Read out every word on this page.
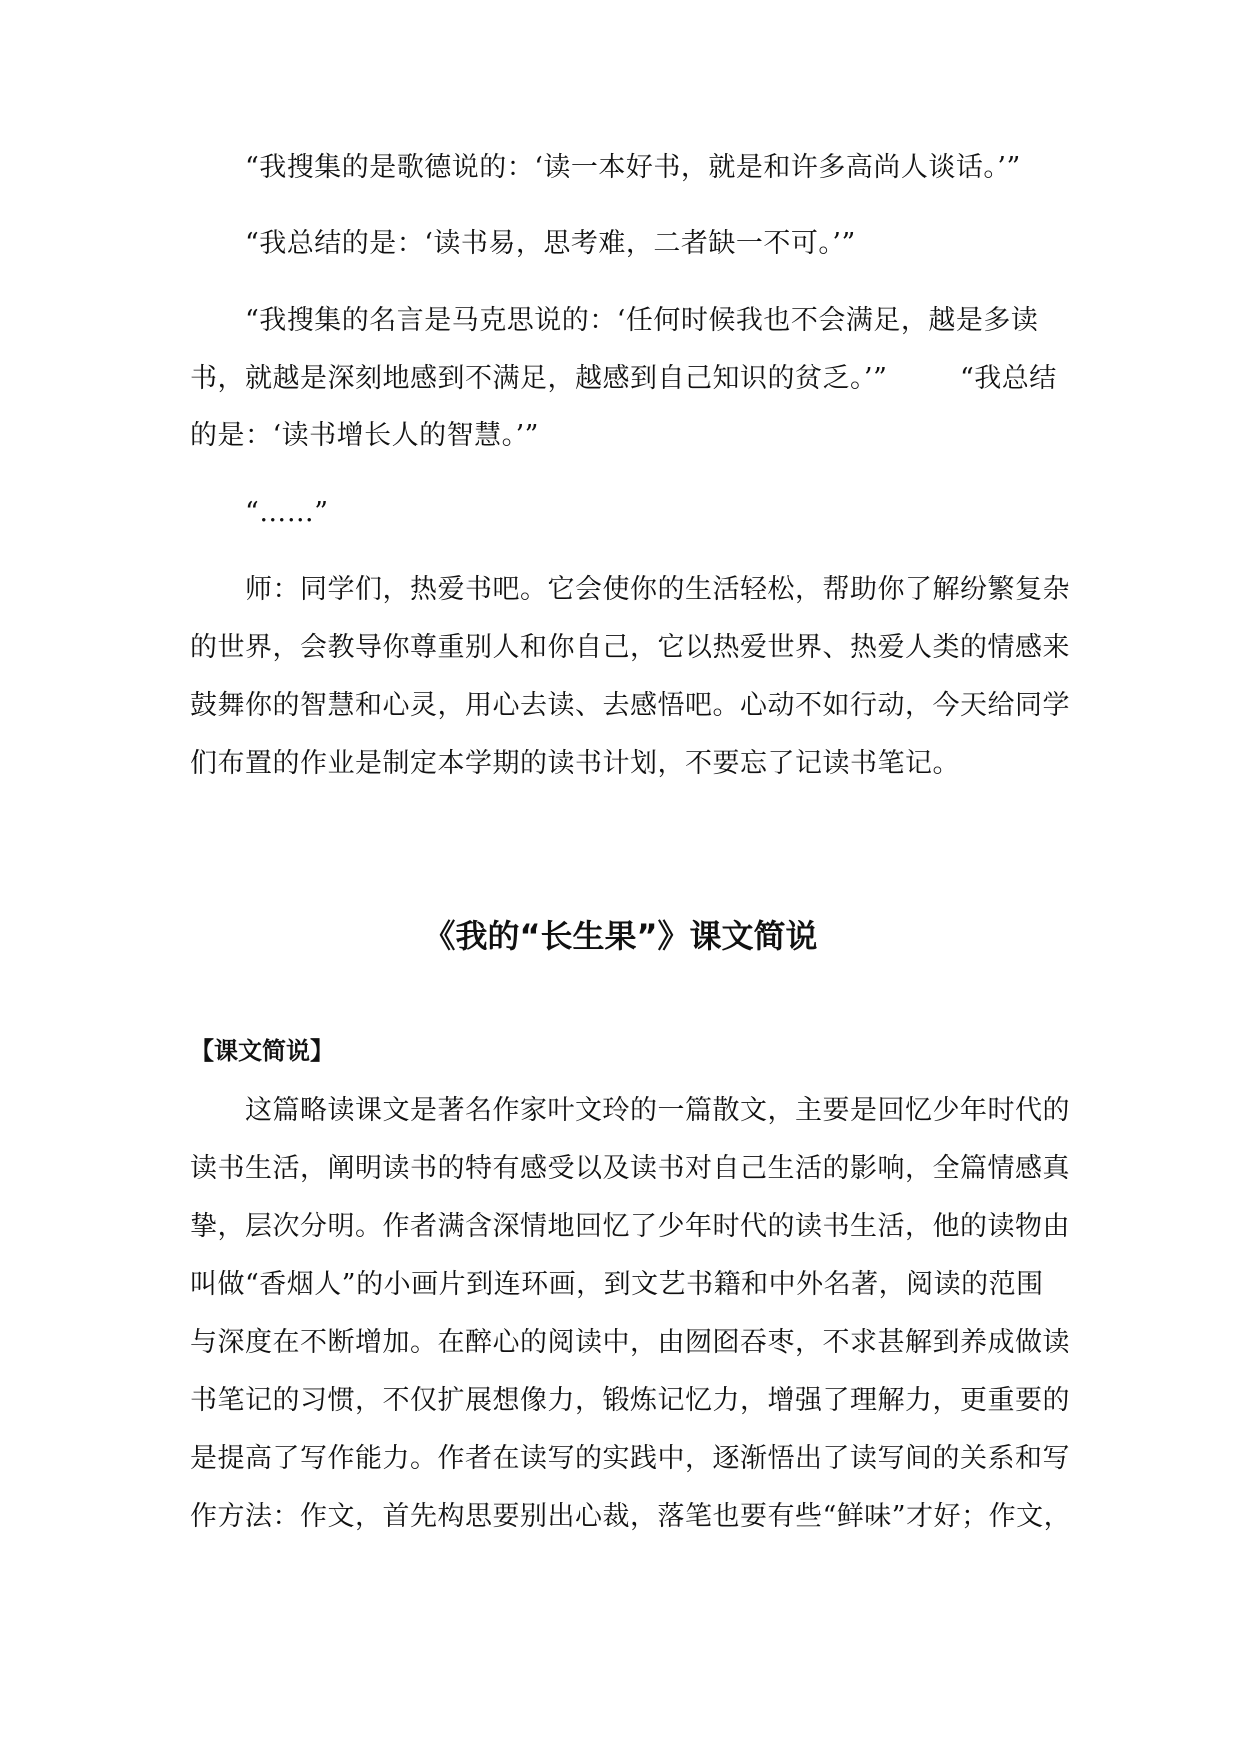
“我搜集的是歌德说的：‘读一本好书，就是和许多高尚人谈话。’”
“我总结的是：‘读书易，思考难，二者缺一不可。’”
“我搜集的名言是马克思说的：‘任何时候我也不会满足，越是多读
书，就越是深刻地感到不满足，越感到自己知识的贫乏。’”	“我总结
的是：‘读书增长人的智慧。’”
“……”
师：同学们，热爱书吧。它会使你的生活轻松，帮助你了解纷繁复杂
的世界，会教导你尊重别人和你自己，它以热爱世界、热爱人类的情感来
鼓舞你的智慧和心灵，用心去读、去感悟吧。心动不如行动，今天给同学
们布置的作业是制定本学期的读书计划，不要忘了记读书笔记。
《我的“长生果”》课文简说
【课文简说】
这篇略读课文是著名作家叶文玲的一篇散文，主要是回忆少年时代的
读书生活，阐明读书的特有感受以及读书对自己生活的影响，全篇情感真
挚，层次分明。作者满含深情地回忆了少年时代的读书生活，他的读物由
叫做“香烟人”的小画片到连环画，到文艺书籍和中外名著，阅读的范围
与深度在不断增加。在醉心的阅读中，由囫囵吞枣，不求甚解到养成做读
书笔记的习惯，不仅扩展想像力，锻炼记忆力，增强了理解力，更重要的
是提高了写作能力。作者在读写的实践中，逐渐悟出了读写间的关系和写
作方法：作文，首先构思要别出心裁，落笔也要有些“鲜味”才好；作文，
